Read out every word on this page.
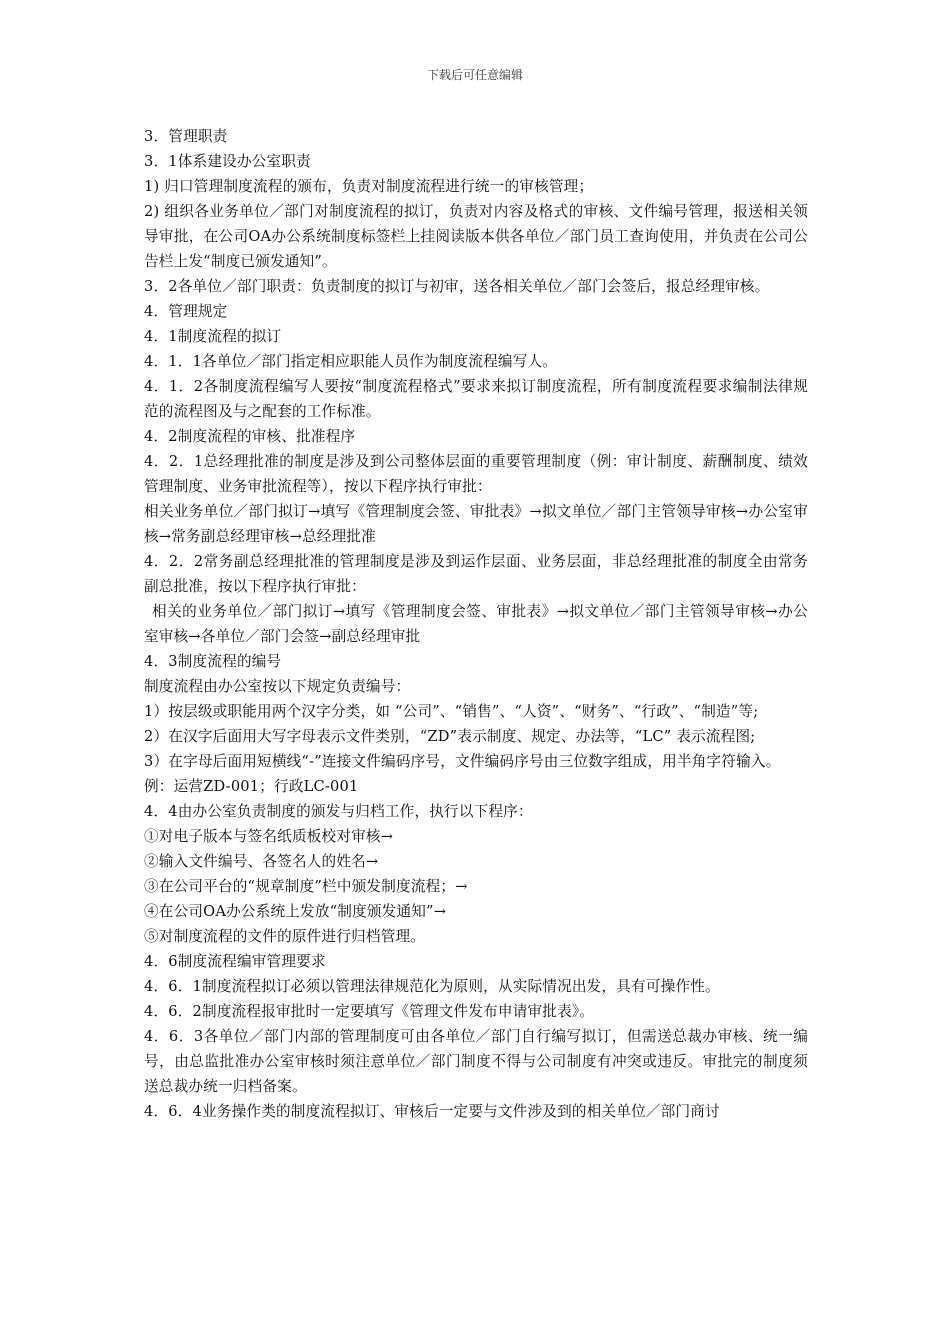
下载后可任意编辑

3．管理职责

3．1体系建设办公室职责

1) 归口管理制度流程的颁布，负责对制度流程进行统一的审核管理；

2) 组织各业务单位／部门对制度流程的拟订，负责对内容及格式的审核、文件编号管理，报送相关领导审批，在公司OA办公系统制度标签栏上挂阅读版本供各单位／部门员工查询使用，并负责在公司公告栏上发“制度已颁发通知”。

3．2各单位／部门职责：负责制度的拟订与初审，送各相关单位／部门会签后，报总经理审核。

4．管理规定

4．1制度流程的拟订

4．1．1各单位／部门指定相应职能人员作为制度流程编写人。

4．1．2各制度流程编写人要按“制度流程格式”要求来拟订制度流程，所有制度流程要求编制法律规范的流程图及与之配套的工作标准。

4．2制度流程的审核、批准程序

4．2．1总经理批准的制度是涉及到公司整体层面的重要管理制度（例：审计制度、薪酬制度、绩效管理制度、业务审批流程等），按以下程序执行审批：

相关业务单位／部门拟订→填写《管理制度会签、审批表》→拟文单位／部门主管领导审核→办公室审核→常务副总经理审核→总经理批准

4．2．2常务副总经理批准的管理制度是涉及到运作层面、业务层面，非总经理批准的制度全由常务副总批准，按以下程序执行审批：

相关的业务单位／部门拟订→填写《管理制度会签、审批表》→拟文单位／部门主管领导审核→办公室审核→各单位／部门会签→副总经理审批

4．3制度流程的编号

制度流程由办公室按以下规定负责编号：

1）按层级或职能用两个汉字分类，如 “公司”、“销售”、“人资”、“财务”、“行政”、“制造”等;

2）在汉字后面用大写字母表示文件类别，“ZD”表示制度、规定、办法等，“LC” 表示流程图;

3）在字母后面用短横线“-”连接文件编码序号，文件编码序号由三位数字组成，用半角字符输入。

例：运营ZD-001；行政LC-001

4．4由办公室负责制度的颁发与归档工作，执行以下程序：

①对电子版本与签名纸质板校对审核→

②输入文件编号、各签名人的姓名→

③在公司平台的“规章制度”栏中颁发制度流程；→

④在公司OA办公系统上发放“制度颁发通知”→

⑤对制度流程的文件的原件进行归档管理。

4．6制度流程编审管理要求

4．6．1制度流程拟订必须以管理法律规范化为原则，从实际情况出发，具有可操作性。

4．6．2制度流程报审批时一定要填写《管理文件发布申请审批表》。

4．6．3各单位／部门内部的管理制度可由各单位／部门自行编写拟订，但需送总裁办审核、统一编号，由总监批准办公室审核时须注意单位／部门制度不得与公司制度有冲突或违反。审批完的制度须送总裁办统一归档备案。

4．6．4业务操作类的制度流程拟订、审核后一定要与文件涉及到的相关单位／部门商讨
